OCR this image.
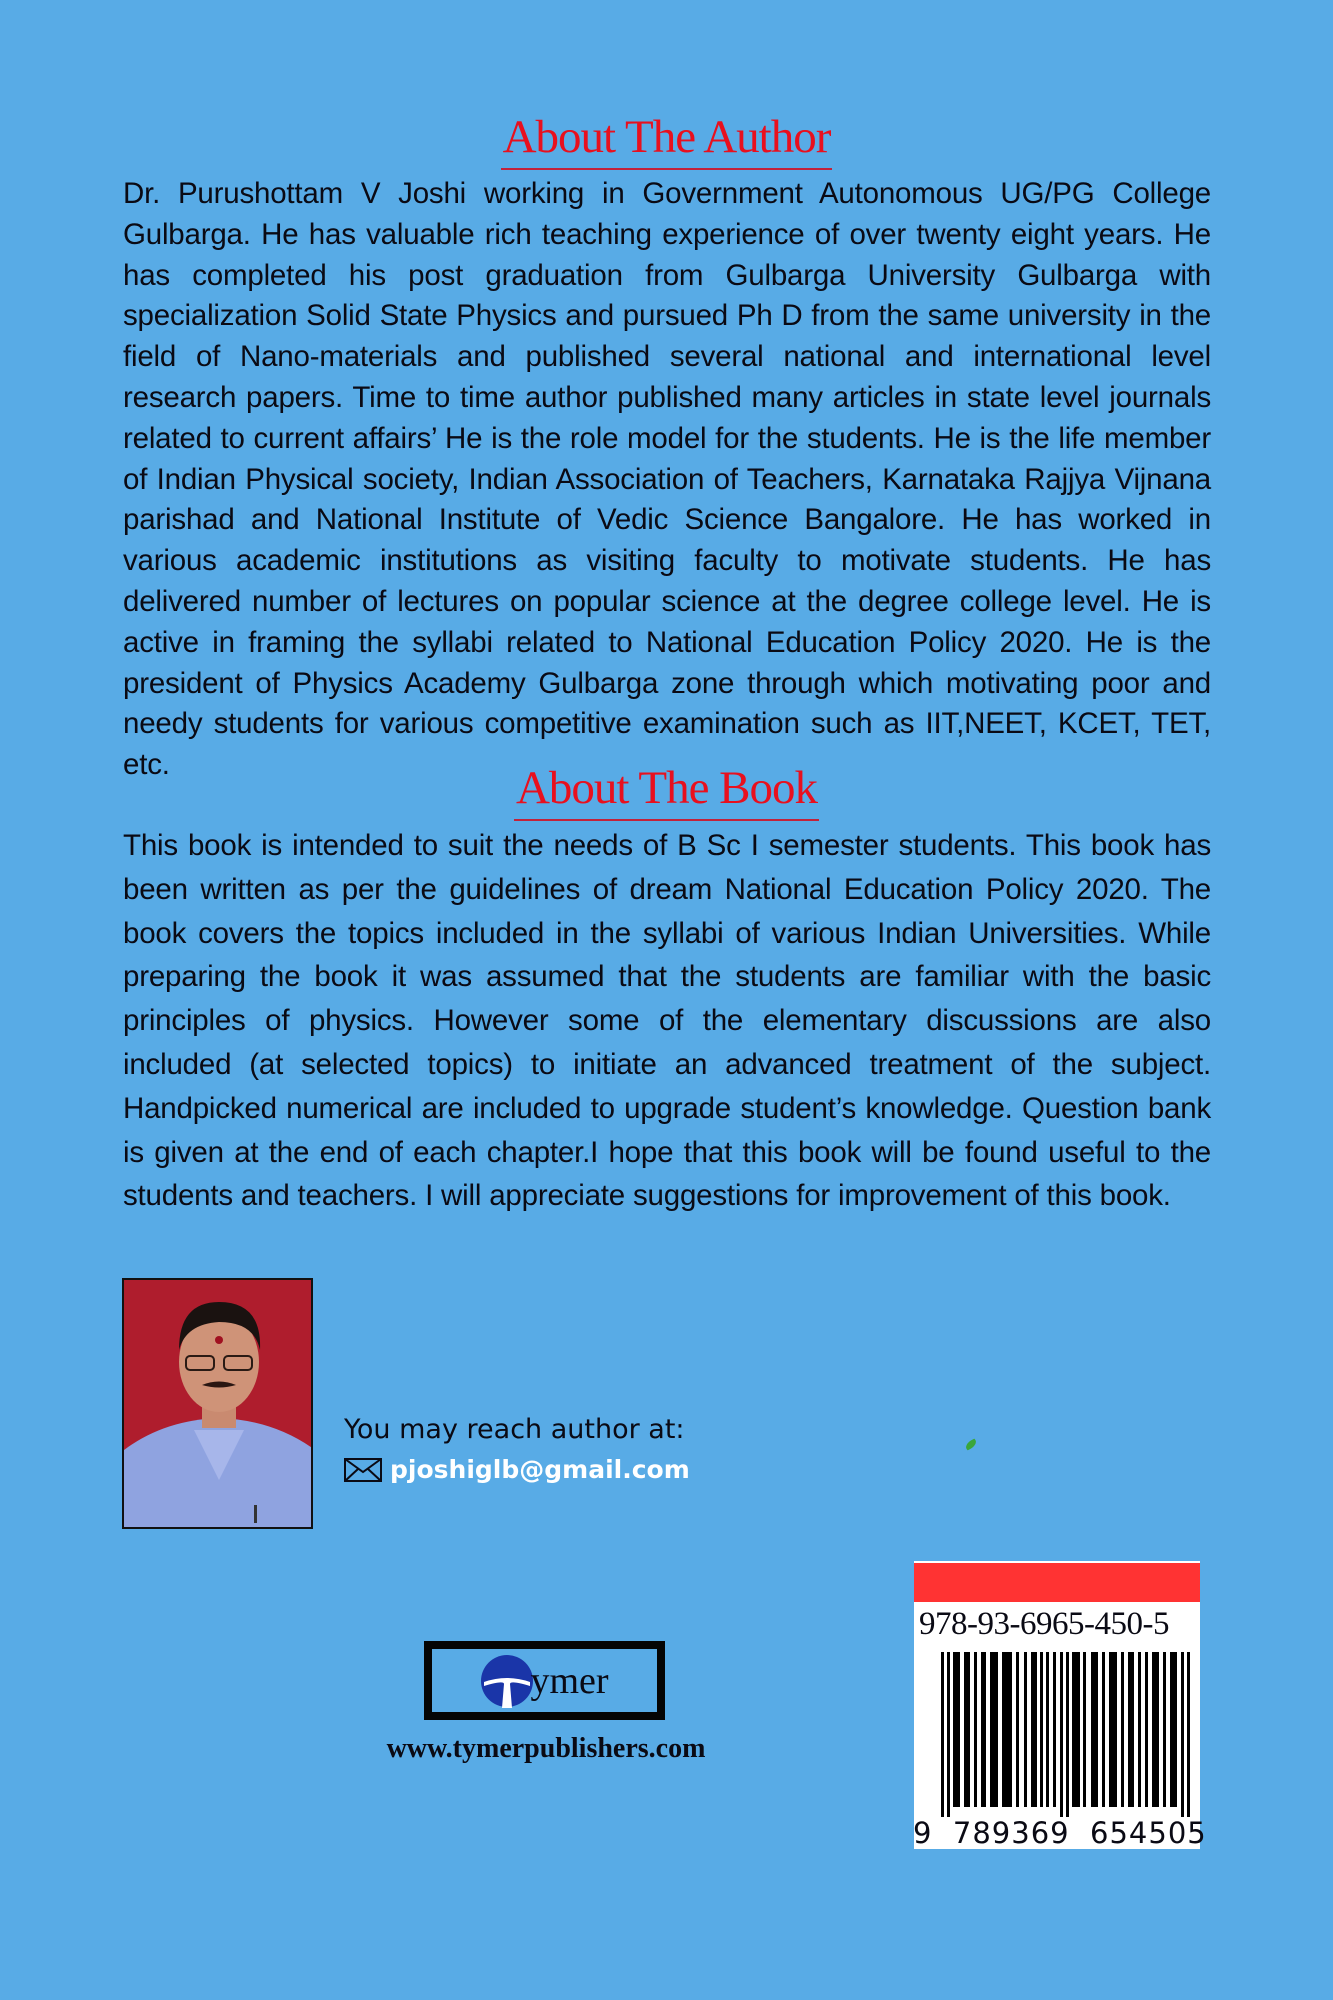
About The Author

Dr. Purushottam V Joshi working in Government Autonomous UG/PG College Gulbarga. He has valuable rich teaching experience of over twenty eight years. He has completed his post graduation from Gulbarga University Gulbarga with specialization Solid State Physics and pursued Ph D from the same university in the field of Nano-materials and published several national and international level research papers. Time to time author published many articles in state level journals related to current affairs’ He is the role model for the students. He is the life member of Indian Physical society, Indian Association of Teachers, Karnataka Rajjya Vijnana parishad and National Institute of Vedic Science Bangalore. He has worked in various academic institutions as visiting faculty to motivate students. He has delivered number of lectures on popular science at the degree college level. He is active in framing the syllabi related to National Education Policy 2020. He is the president of Physics Academy Gulbarga zone through which motivating poor and needy students for various competitive examination such as IIT,NEET, KCET, TET, etc.	About The Book

This book is intended to suit the needs of B Sc I semester students. This book has been written as per the guidelines of dream National Education Policy 2020. The book covers the topics included in the syllabi of various Indian Universities. While preparing the book it was assumed that the students are familiar with the basic principles of physics. However some of the elementary discussions are also included (at selected topics) to initiate an advanced treatment of the subject. Handpicked numerical are included to upgrade student’s knowledge. Question bank is given at the end of each chapter.I hope that this book will be found useful to the students and teachers. I will appreciate suggestions for improvement of this book.

You may reach author at:
pjoshiglb@gmail.com
ymer
www.tymerpublishers.com
978-93-6965-450-5
9  789369  654505
